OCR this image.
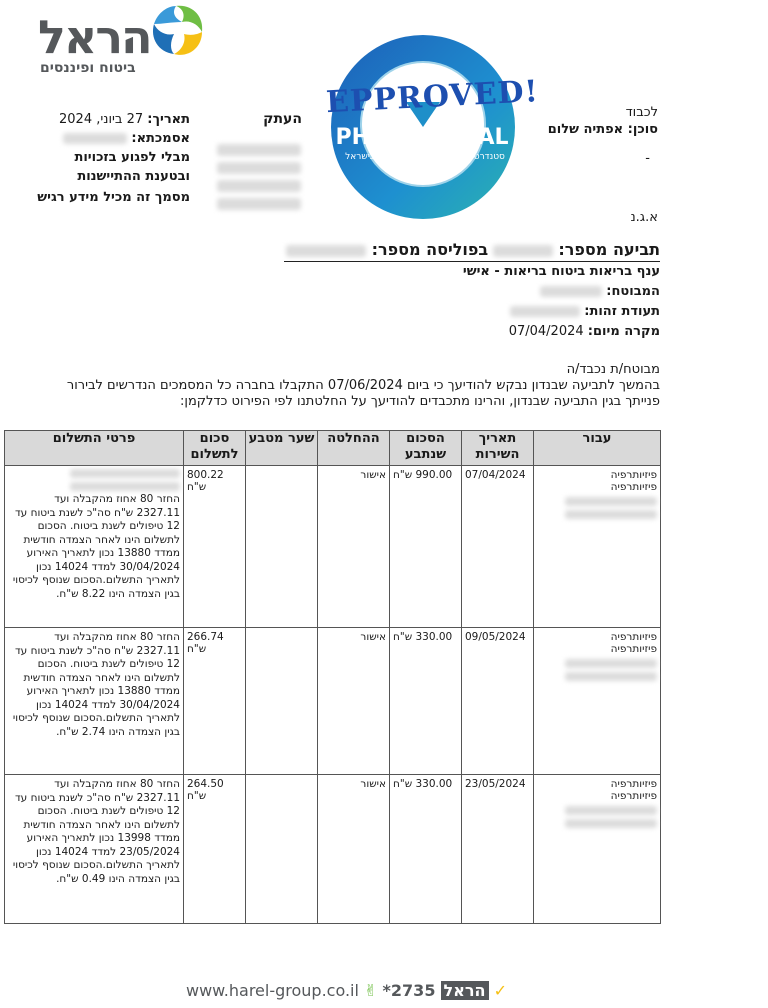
הראל
ביטוח ופיננסים
EPPROVED!
PHENOMENAL
סטנדרט הביטוח והפיננסים הגבוה בישראל
תאריך: 27 ביוני, 2024
אסמכתא:
מבלי לפגוע בזכויות
ובטענת ההתיישנות
מסמך זה מכיל מידע רגיש
העתק	לכבוד
סוכן: אפתיה שלום
-
א.ג.נ
תביעה מספר:  בפוליסה מספר:
ענף בריאות ביטוח בריאות - אישי
המבוטח:
תעודת זהות:
מקרה מיום: 07/04/2024
מבוטח/ת נכבד/ה
בהמשך לתביעה שבנדון נבקש להודיעך כי ביום 07/06/2024 התקבלו בחברה כל המסמכים הנדרשים לבירור
פנייתך בגין התביעה שבנדון, והרינו מתכבדים להודיעך על החלטתנו לפי הפירוט כדלקמן:
עבור	תאריך השירות	הסכום שנתבע	ההחלטה	שער מטבע	סכום לתשלום	פרטי התשלום

פיזיותרפיה
פיזיותרפיה	07/04/2024	990.00 ש"ח	אישור		800.22 ש"ח	החזר 80 אחוז מהקבלה ועד 2327.11 ש"ח סה"כ לשנת ביטוח עד 12 טיפולים לשנת ביטוח. הסכום לתשלום הינו לאחר הצמדה חודשית ממדד 13880 נכון לתאריך האירוע 30/04/2024 למדד 14024 נכון לתאריך התשלום.הסכום שנוסף לכיסוי בגין הצמדה הינו 8.22 ש"ח.

פיזיותרפיה
פיזיותרפיה	09/05/2024	330.00 ש"ח	אישור		266.74 ש"ח	החזר 80 אחוז מהקבלה ועד 2327.11 ש"ח סה"כ לשנת ביטוח עד 12 טיפולים לשנת ביטוח. הסכום לתשלום הינו לאחר הצמדה חודשית ממדד 13880 נכון לתאריך האירוע 30/04/2024 למדד 14024 נכון לתאריך התשלום.הסכום שנוסף לכיסוי בגין הצמדה הינו 2.74 ש"ח.

פיזיותרפיה
פיזיותרפיה	23/05/2024	330.00 ש"ח	אישור		264.50 ש"ח	החזר 80 אחוז מהקבלה ועד 2327.11 ש"ח סה"כ לשנת ביטוח עד 12 טיפולים לשנת ביטוח. הסכום לתשלום הינו לאחר הצמדה חודשית ממדד 13998 נכון לתאריך האירוע 23/05/2024 למדד 14024 נכון לתאריך התשלום.הסכום שנוסף לכיסוי בגין הצמדה הינו 0.49 ש"ח.
www.harel-group.co.il ✌ *2735 הראל ✓
